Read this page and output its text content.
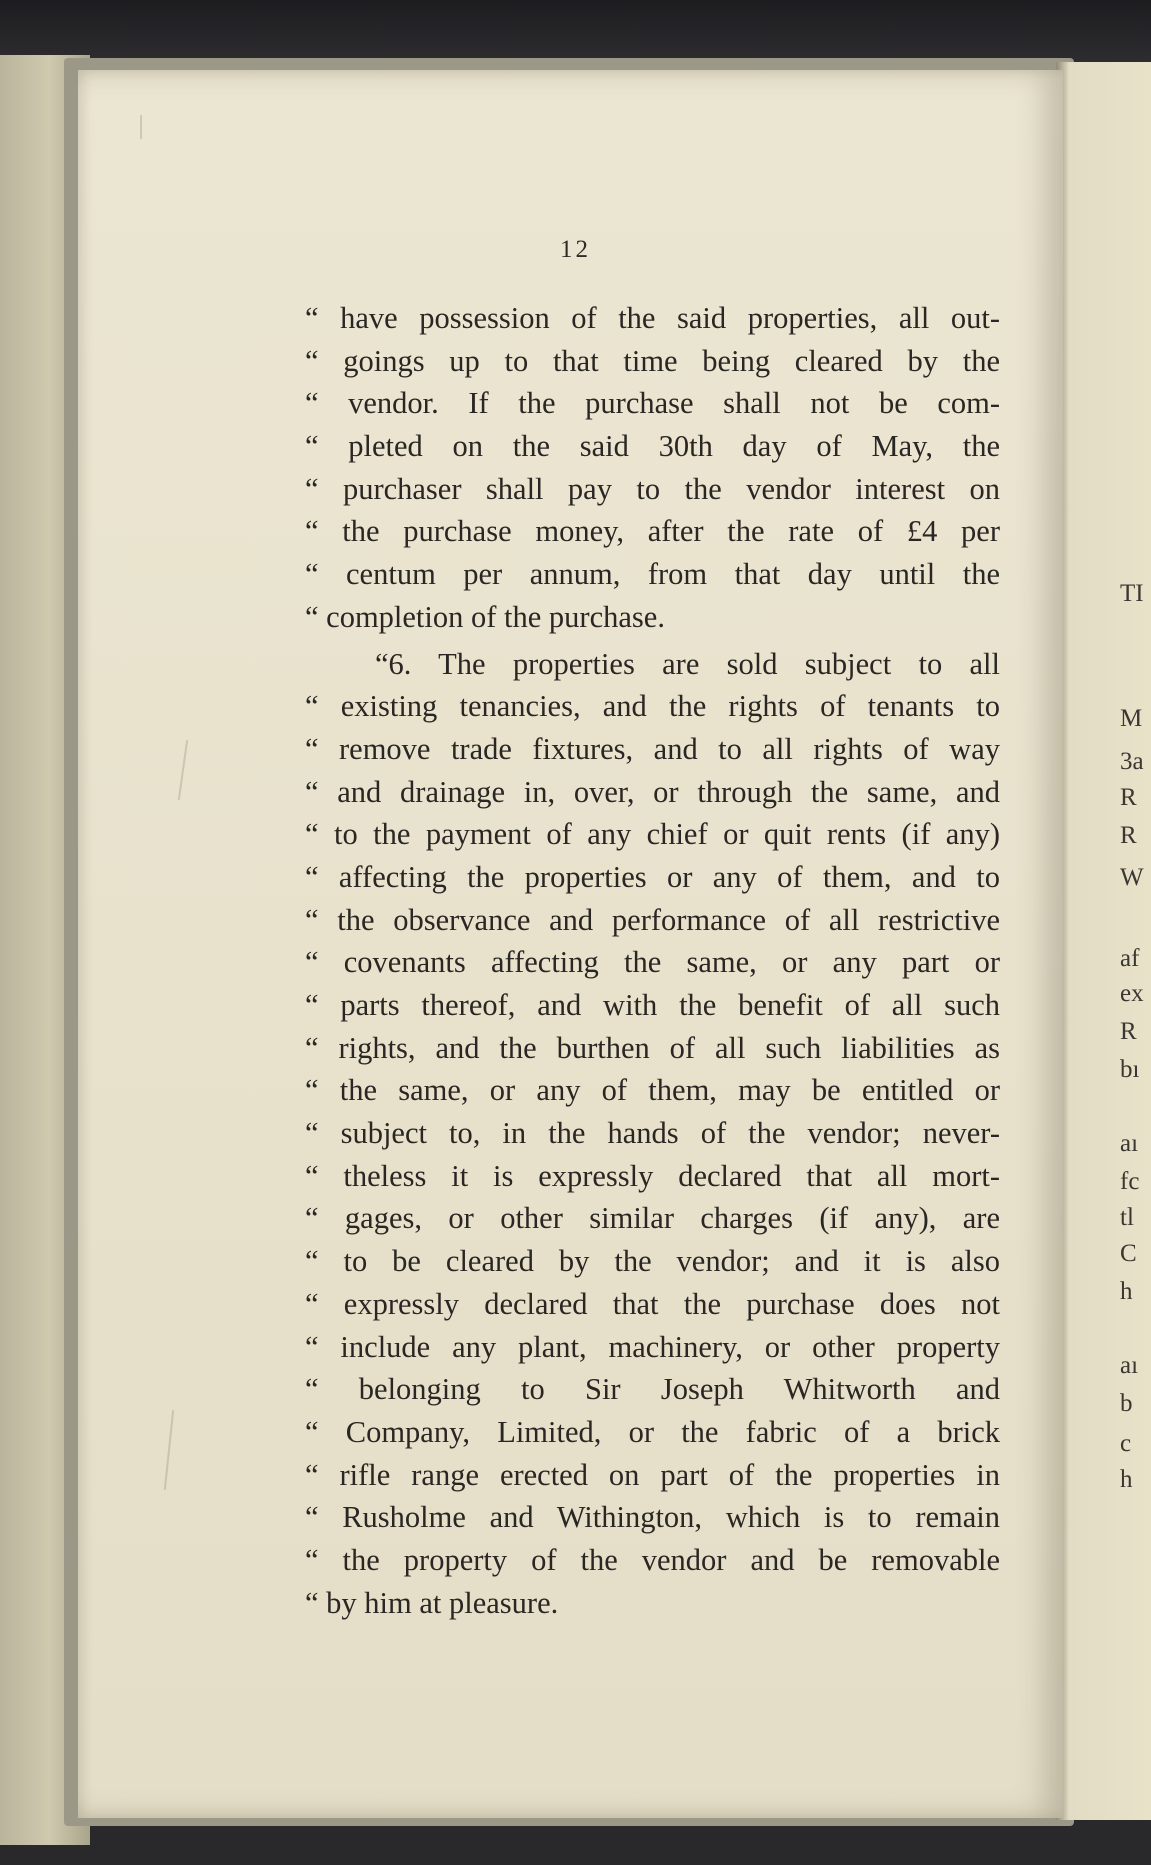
12
“ have possession of the said properties, all out-
“ goings up to that time being cleared by the
“ vendor. If the purchase shall not be com-
“ pleted on the said 30th day of May, the
“ purchaser shall pay to the vendor interest on
“ the purchase money, after the rate of £4 per
“ centum per annum, from that day until the
“ completion of the purchase.
“6. The properties are sold subject to all
“ existing tenancies, and the rights of tenants to
“ remove trade fixtures, and to all rights of way
“ and drainage in, over, or through the same, and
“ to the payment of any chief or quit rents (if any)
“ affecting the properties or any of them, and to
“ the observance and performance of all restrictive
“ covenants affecting the same, or any part or
“ parts thereof, and with the benefit of all such
“ rights, and the burthen of all such liabilities as
“ the same, or any of them, may be entitled or
“ subject to, in the hands of the vendor; never-
“ theless it is expressly declared that all mort-
“ gages, or other similar charges (if any), are
“ to be cleared by the vendor; and it is also
“ expressly declared that the purchase does not
“ include any plant, machinery, or other property
“ belonging to Sir Joseph Whitworth and
“ Company, Limited, or the fabric of a brick
“ rifle range erected on part of the properties in
“ Rusholme and Withington, which is to remain
“ the property of the vendor and be removable
“ by him at pleasure.
TI
M
3a
R
R
W
af
ex
R
bı
aı
fc
tl
C
h
aı
b
c
h
